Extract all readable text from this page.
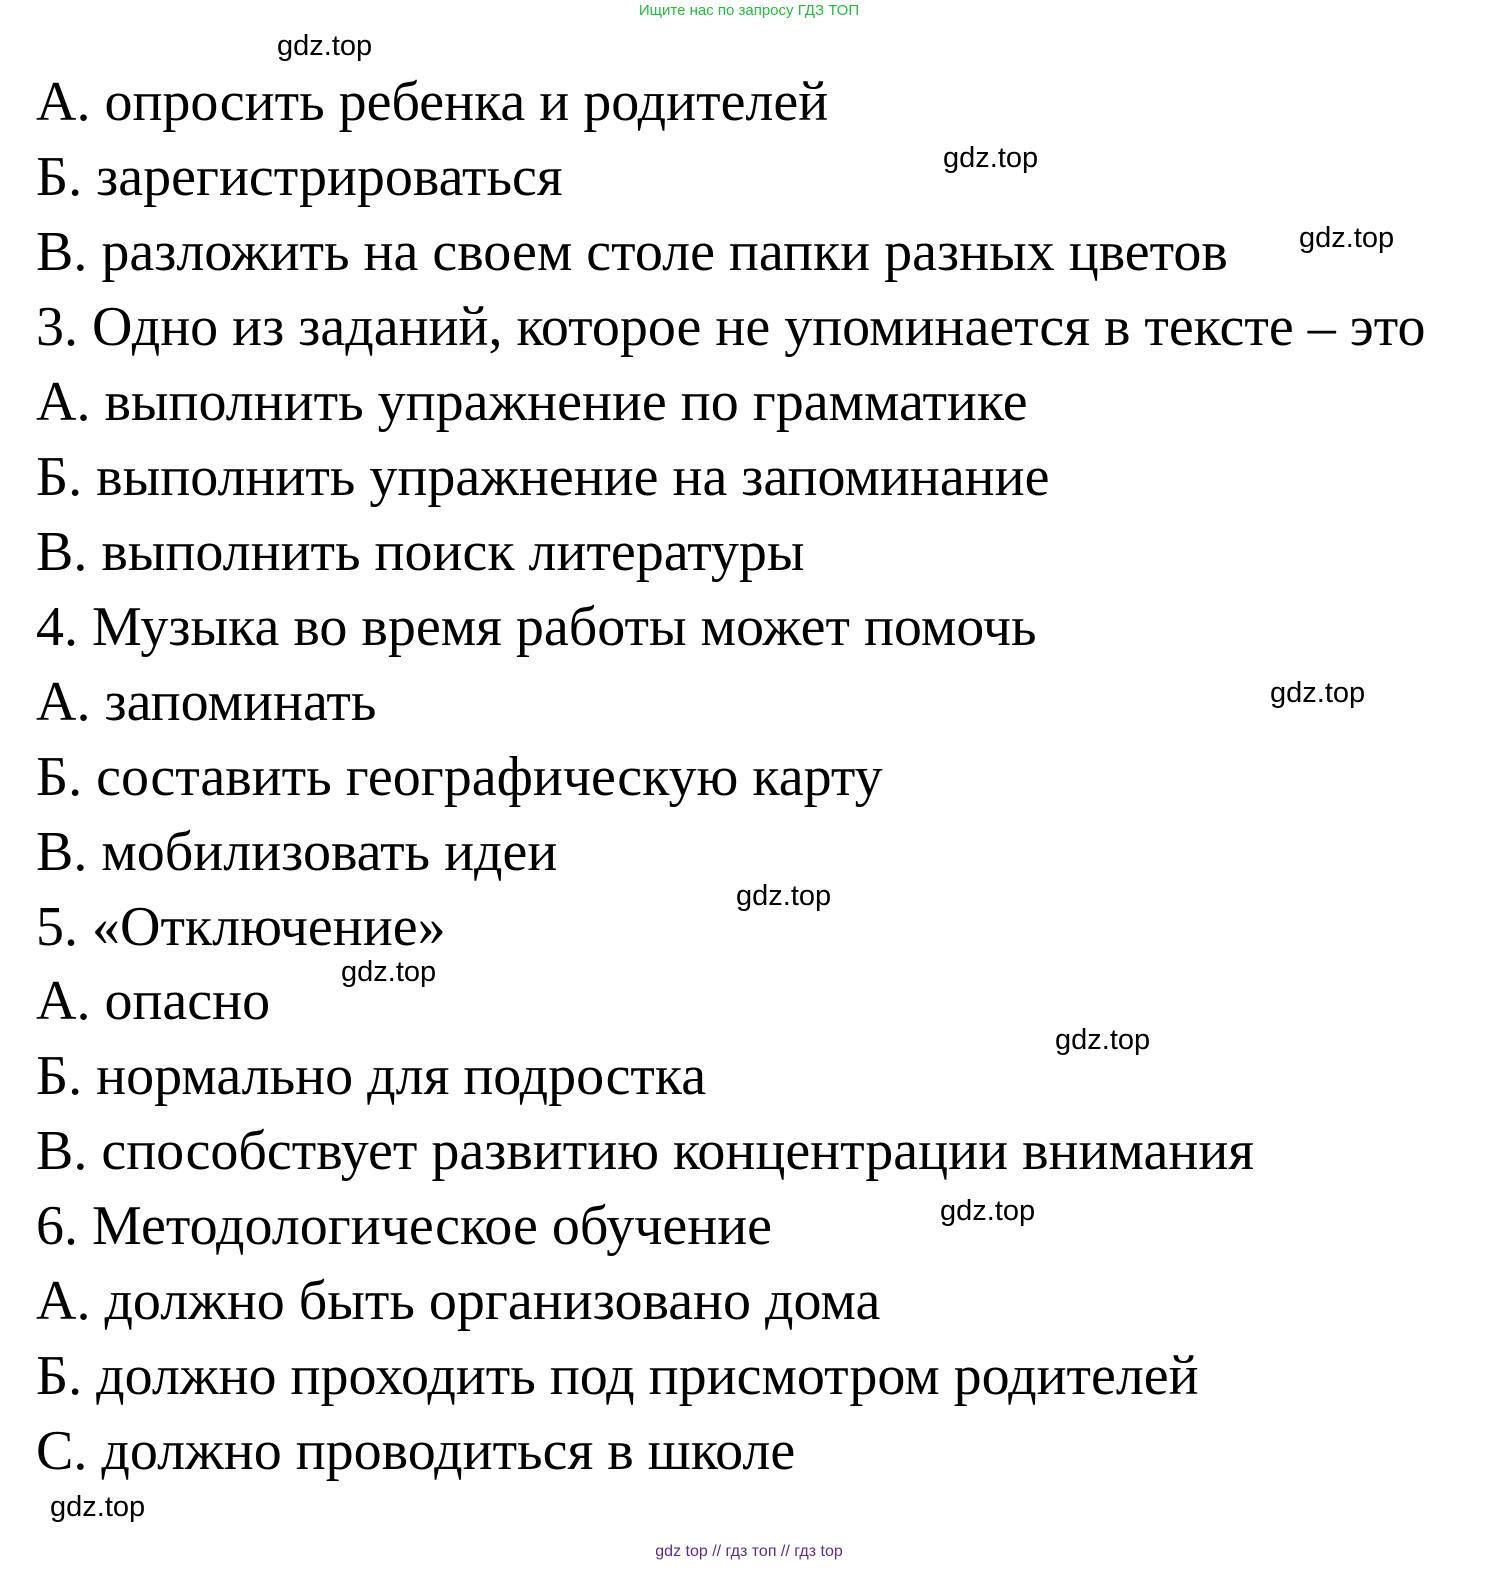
Ищите нас по запросу ГДЗ ТОП
А. опросить ребенка и родителей
Б. зарегистрироваться
В. разложить на своем столе папки разных цветов
3. Одно из заданий, которое не упоминается в тексте – это
А. выполнить упражнение по грамматике
Б. выполнить упражнение на запоминание
В. выполнить поиск литературы
4. Музыка во время работы может помочь
А. запоминать
Б. составить географическую карту
В. мобилизовать идеи
5. «Отключение»
А. опасно
Б. нормально для подростка
В. способствует развитию концентрации внимания
6. Методологическое обучение
А. должно быть организовано дома
Б. должно проходить под присмотром родителей
С. должно проводиться в школе
gdz.top
gdz.top
gdz.top
gdz.top
gdz.top
gdz.top
gdz.top
gdz.top
gdz.top
gdz top // гдз топ // гдз top
